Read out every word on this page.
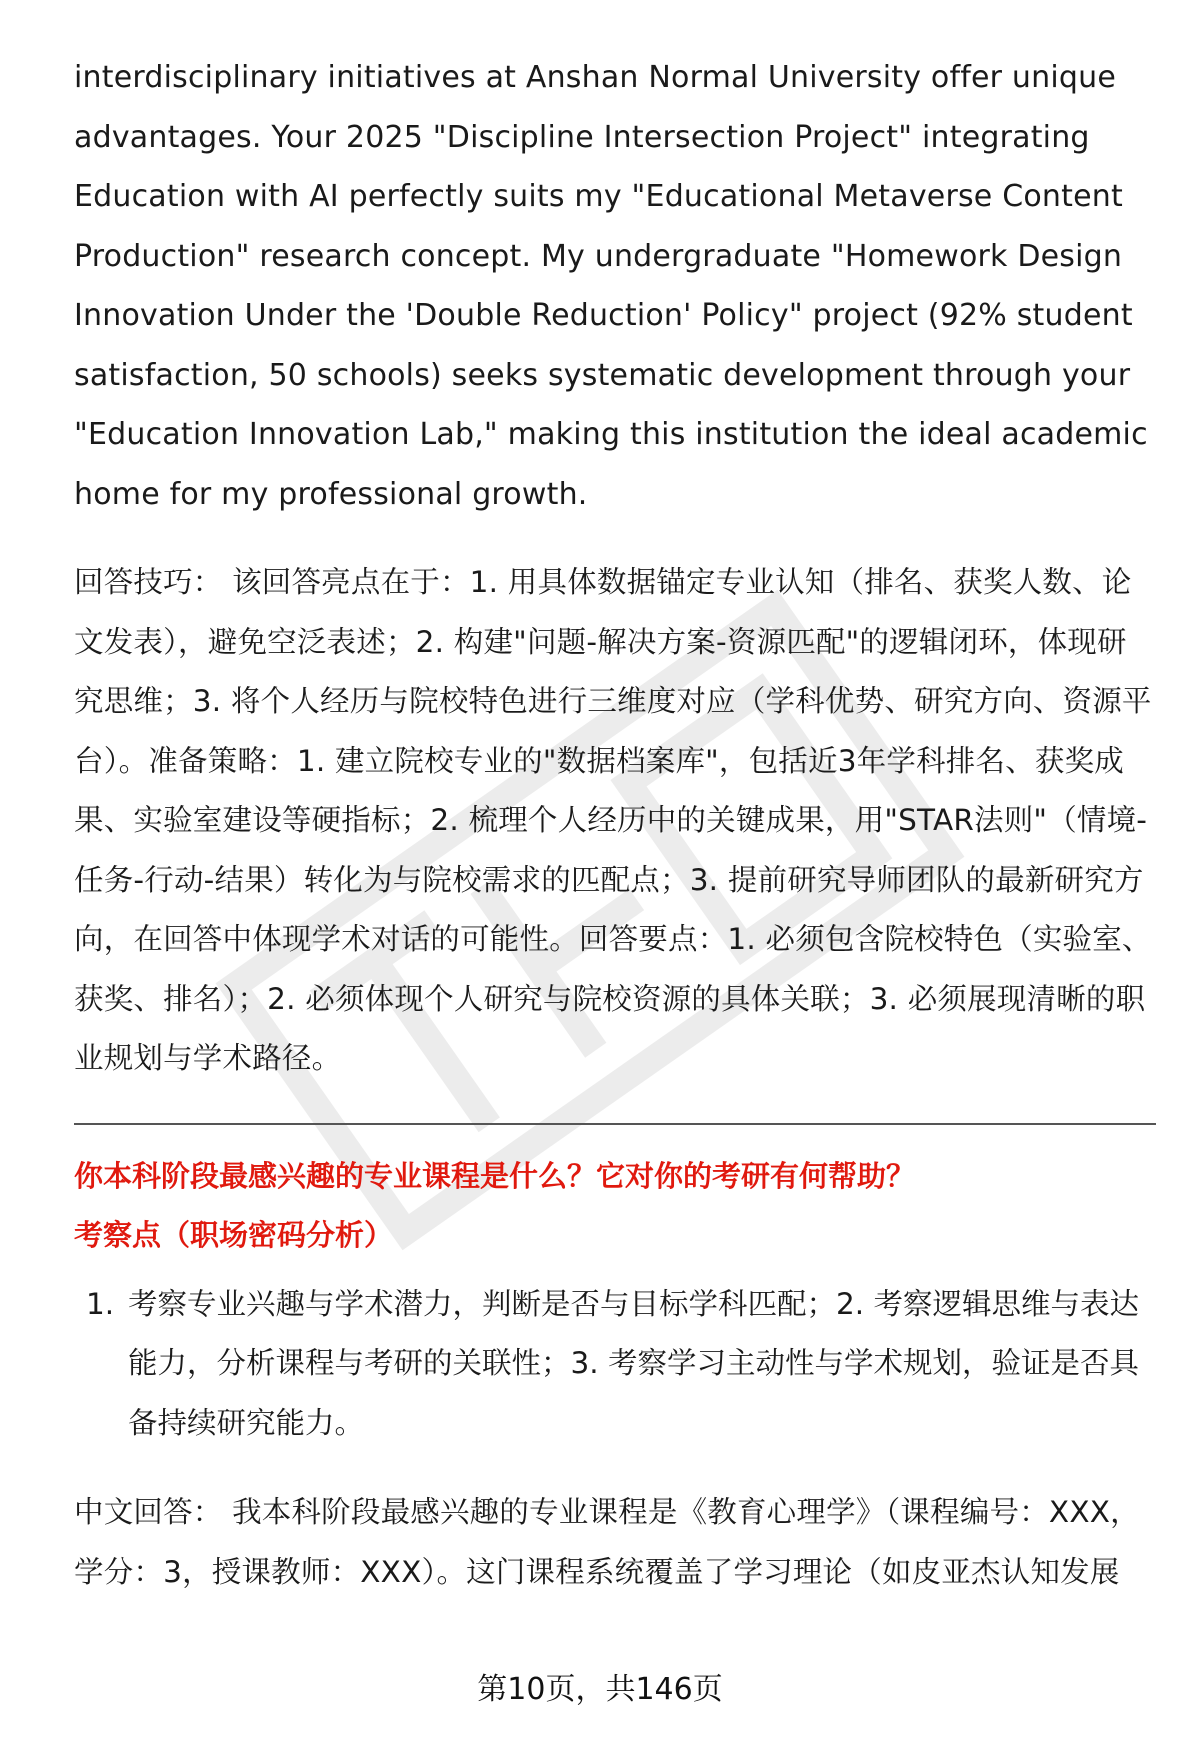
interdisciplinary initiatives at Anshan Normal University offer unique advantages. Your 2025 "Discipline Intersection Project" integrating Education with AI perfectly suits my "Educational Metaverse Content Production" research concept. My undergraduate "Homework Design Innovation Under the 'Double Reduction' Policy" project (92% student satisfaction, 50 schools) seeks systematic development through your "Education Innovation Lab," making this institution the ideal academic home for my professional growth.

回答技巧： 该回答亮点在于：1. 用具体数据锚定专业认知（排名、获奖人数、论文发表），避免空泛表述；2. 构建"问题-解决方案-资源匹配"的逻辑闭环，体现研究思维；3. 将个人经历与院校特色进行三维度对应（学科优势、研究方向、资源平台）。准备策略：1. 建立院校专业的"数据档案库"，包括近3年学科排名、获奖成果、实验室建设等硬指标；2. 梳理个人经历中的关键成果，用"STAR法则"（情境-任务-行动-结果）转化为与院校需求的匹配点；3. 提前研究导师团队的最新研究方向，在回答中体现学术对话的可能性。回答要点：1. 必须包含院校特色（实验室、获奖、排名）；2. 必须体现个人研究与院校资源的具体关联；3. 必须展现清晰的职业规划与学术路径。

你本科阶段最感兴趣的专业课程是什么？它对你的考研有何帮助？

考察点（职场密码分析）

1. 考察专业兴趣与学术潜力，判断是否与目标学科匹配；2. 考察逻辑思维与表达能力，分析课程与考研的关联性；3. 考察学习主动性与学术规划，验证是否具备持续研究能力。

中文回答： 我本科阶段最感兴趣的专业课程是《教育心理学》（课程编号：XXX，学分：3，授课教师：XXX）。这门课程系统覆盖了学习理论（如皮亚杰认知发展

第10页，共146页
